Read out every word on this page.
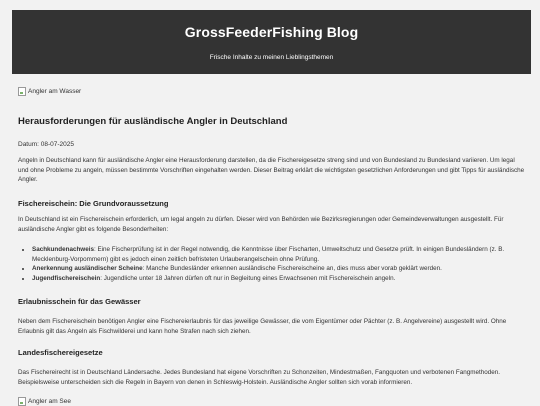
GrossFeederFishing Blog

Frische Inhalte zu meinen Lieblingsthemen

Angler am Wasser
Herausforderungen für ausländische Angler in Deutschland
Datum: 08-07-2025

Angeln in Deutschland kann für ausländische Angler eine Herausforderung darstellen, da die Fischereigesetze streng sind und von Bundesland zu Bundesland variieren. Um legal und ohne Probleme zu angeln, müssen bestimmte Vorschriften eingehalten werden. Dieser Beitrag erklärt die wichtigsten gesetzlichen Anforderungen und gibt Tipps für ausländische Angler.

Fischereischein: Die Grundvoraussetzung

In Deutschland ist ein Fischereischein erforderlich, um legal angeln zu dürfen. Dieser wird von Behörden wie Bezirksregierungen oder Gemeindeverwaltungen ausgestellt. Für ausländische Angler gibt es folgende Besonderheiten:

• Sachkundenachweis: Eine Fischerprüfung ist in der Regel notwendig, die Kenntnisse über Fischarten, Umweltschutz und Gesetze prüft. In einigen Bundesländern (z. B. Mecklenburg-Vorpommern) gibt es jedoch einen zeitlich befristeten Urlauberangelschein ohne Prüfung.
• Anerkennung ausländischer Scheine: Manche Bundesländer erkennen ausländische Fischereischeine an, dies muss aber vorab geklärt werden.
• Jugendfischereischein: Jugendliche unter 18 Jahren dürfen oft nur in Begleitung eines Erwachsenen mit Fischereischein angeln.
Erlaubnisschein für das Gewässer

Neben dem Fischereischein benötigen Angler eine Fischereierlaubnis für das jeweilige Gewässer, die vom Eigentümer oder Pächter (z. B. Angelvereine) ausgestellt wird. Ohne Erlaubnis gilt das Angeln als Fischwilderei und kann hohe Strafen nach sich ziehen.

Landesfischereigesetze

Das Fischereirecht ist in Deutschland Ländersache. Jedes Bundesland hat eigene Vorschriften zu Schonzeiten, Mindestmaßen, Fangquoten und verbotenen Fangmethoden. Beispielsweise unterscheiden sich die Regeln in Bayern von denen in Schleswig-Holstein. Ausländische Angler sollten sich vorab informieren.

Angler am See
